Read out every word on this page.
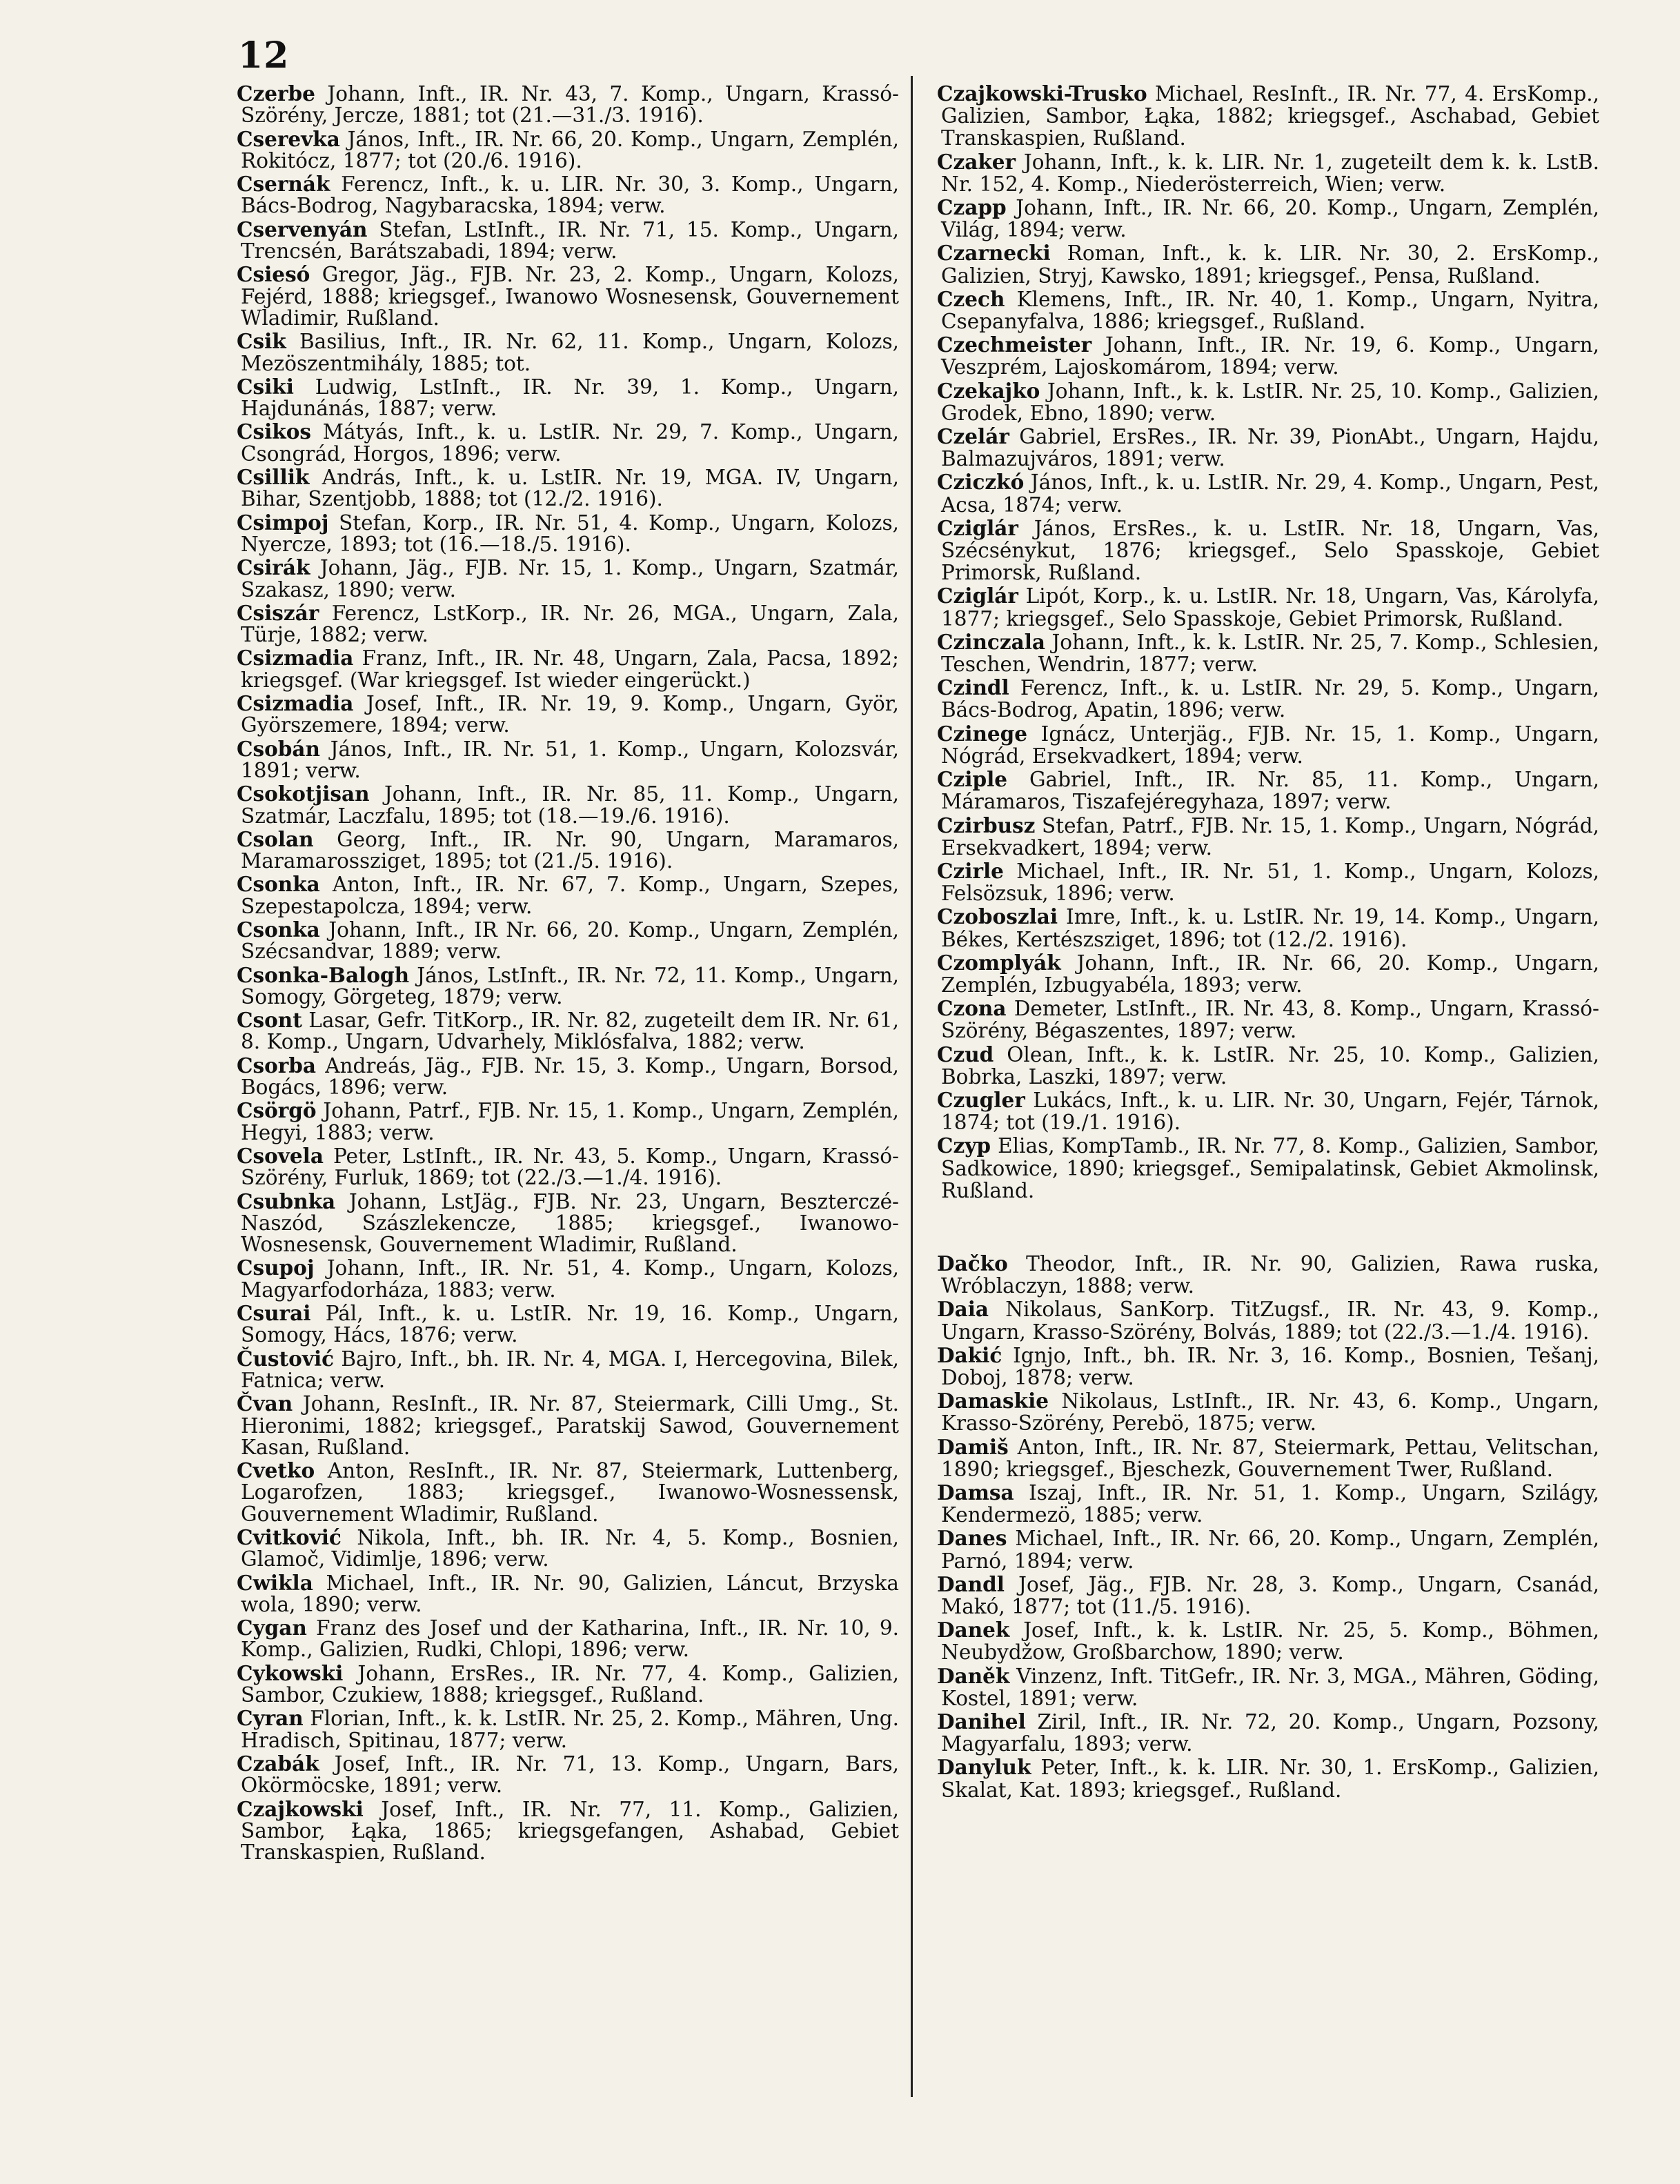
12

Czerbe Johann, Inft., IR. Nr. 43, 7. Komp., Ungarn, Krassó-Szörény, Jercze, 1881; tot (21.—31./3. 1916).

Cserevka János, Inft., IR. Nr. 66, 20. Komp., Ungarn, Zemplén, Rokitócz, 1877; tot (20./6. 1916).

Csernák Ferencz, Inft., k. u. LIR. Nr. 30, 3. Komp., Ungarn, Bács-Bodrog, Nagybaracska, 1894; verw.

Cservenyán Stefan, LstInft., IR. Nr. 71, 15. Komp., Ungarn, Trencsén, Barátszabadi, 1894; verw.

Csiesó Gregor, Jäg., FJB. Nr. 23, 2. Komp., Ungarn, Kolozs, Fejérd, 1888; kriegsgef., Iwanowo Wosnesensk, Gouvernement Wladimir, Rußland.

Csik Basilius, Inft., IR. Nr. 62, 11. Komp., Ungarn, Kolozs, Mezöszentmihály, 1885; tot.

Csiki Ludwig, LstInft., IR. Nr. 39, 1. Komp., Ungarn, Hajdunánás, 1887; verw.

Csikos Mátyás, Inft., k. u. LstIR. Nr. 29, 7. Komp., Ungarn, Csongrád, Horgos, 1896; verw.

Csillik András, Inft., k. u. LstIR. Nr. 19, MGA. IV, Ungarn, Bihar, Szentjobb, 1888; tot (12./2. 1916).

Csimpoj Stefan, Korp., IR. Nr. 51, 4. Komp., Ungarn, Kolozs, Nyercze, 1893; tot (16.—18./5. 1916).

Csirák Johann, Jäg., FJB. Nr. 15, 1. Komp., Ungarn, Szatmár, Szakasz, 1890; verw.

Csiszár Ferencz, LstKorp., IR. Nr. 26, MGA., Ungarn, Zala, Türje, 1882; verw.

Csizmadia Franz, Inft., IR. Nr. 48, Ungarn, Zala, Pacsa, 1892; kriegsgef. (War kriegsgef. Ist wieder eingerückt.)

Csizmadia Josef, Inft., IR. Nr. 19, 9. Komp., Ungarn, Györ, Györszemere, 1894; verw.

Csobán János, Inft., IR. Nr. 51, 1. Komp., Ungarn, Kolozsvár, 1891; verw.

Csokotjisan Johann, Inft., IR. Nr. 85, 11. Komp., Ungarn, Szatmár, Laczfalu, 1895; tot (18.—19./6. 1916).

Csolan Georg, Inft., IR. Nr. 90, Ungarn, Maramaros, Maramarossziget, 1895; tot (21./5. 1916).

Csonka Anton, Inft., IR. Nr. 67, 7. Komp., Ungarn, Szepes, Szepestapolcza, 1894; verw.

Csonka Johann, Inft., IR Nr. 66, 20. Komp., Ungarn, Zemplén, Szécsandvar, 1889; verw.

Csonka-Balogh János, LstInft., IR. Nr. 72, 11. Komp., Ungarn, Somogy, Görgeteg, 1879; verw.

Csont Lasar, Gefr. TitKorp., IR. Nr. 82, zugeteilt dem IR. Nr. 61, 8. Komp., Ungarn, Udvarhely, Miklósfalva, 1882; verw.

Csorba Andreás, Jäg., FJB. Nr. 15, 3. Komp., Ungarn, Borsod, Bogács, 1896; verw.

Csörgö Johann, Patrf., FJB. Nr. 15, 1. Komp., Ungarn, Zemplén, Hegyi, 1883; verw.

Csovela Peter, LstInft., IR. Nr. 43, 5. Komp., Ungarn, Krassó-Szörény, Furluk, 1869; tot (22./3.—1./4. 1916).

Csubnka Johann, LstJäg., FJB. Nr. 23, Ungarn, Beszterczé-Naszód, Szászlekencze, 1885; kriegsgef., Iwanowo-Wosnesensk, Gouvernement Wladimir, Rußland.

Csupoj Johann, Inft., IR. Nr. 51, 4. Komp., Ungarn, Kolozs, Magyarfodorháza, 1883; verw.

Csurai Pál, Inft., k. u. LstIR. Nr. 19, 16. Komp., Ungarn, Somogy, Hács, 1876; verw.

Čustović Bajro, Inft., bh. IR. Nr. 4, MGA. I, Hercegovina, Bilek, Fatnica; verw.

Čvan Johann, ResInft., IR. Nr. 87, Steiermark, Cilli Umg., St. Hieronimi, 1882; kriegsgef., Paratskij Sawod, Gouvernement Kasan, Rußland.

Cvetko Anton, ResInft., IR. Nr. 87, Steiermark, Luttenberg, Logarofzen, 1883; kriegsgef., Iwanowo-Wosnessensk, Gouvernement Wladimir, Rußland.

Cvitković Nikola, Inft., bh. IR. Nr. 4, 5. Komp., Bosnien, Glamoč, Vidimlje, 1896; verw.

Cwikla Michael, Inft., IR. Nr. 90, Galizien, Láncut, Brzyska wola, 1890; verw.

Cygan Franz des Josef und der Katharina, Inft., IR. Nr. 10, 9. Komp., Galizien, Rudki, Chlopi, 1896; verw.

Cykowski Johann, ErsRes., IR. Nr. 77, 4. Komp., Galizien, Sambor, Czukiew, 1888; kriegsgef., Rußland.

Cyran Florian, Inft., k. k. LstIR. Nr. 25, 2. Komp., Mähren, Ung. Hradisch, Spitinau, 1877; verw.

Czabák Josef, Inft., IR. Nr. 71, 13. Komp., Ungarn, Bars, Okörmöcske, 1891; verw.

Czajkowski Josef, Inft., IR. Nr. 77, 11. Komp., Galizien, Sambor, Łąka, 1865; kriegsgefangen, Ashabad, Gebiet Transkaspien, Rußland.

Czajkowski-Trusko Michael, ResInft., IR. Nr. 77, 4. ErsKomp., Galizien, Sambor, Łąka, 1882; kriegsgef., Aschabad, Gebiet Transkaspien, Rußland.

Czaker Johann, Inft., k. k. LIR. Nr. 1, zugeteilt dem k. k. LstB. Nr. 152, 4. Komp., Niederösterreich, Wien; verw.

Czapp Johann, Inft., IR. Nr. 66, 20. Komp., Ungarn, Zemplén, Világ, 1894; verw.

Czarnecki Roman, Inft., k. k. LIR. Nr. 30, 2. ErsKomp., Galizien, Stryj, Kawsko, 1891; kriegsgef., Pensa, Rußland.

Czech Klemens, Inft., IR. Nr. 40, 1. Komp., Ungarn, Nyitra, Csepanyfalva, 1886; kriegsgef., Rußland.

Czechmeister Johann, Inft., IR. Nr. 19, 6. Komp., Ungarn, Veszprém, Lajoskomárom, 1894; verw.

Czekajko Johann, Inft., k. k. LstIR. Nr. 25, 10. Komp., Galizien, Grodek, Ebno, 1890; verw.

Czelár Gabriel, ErsRes., IR. Nr. 39, PionAbt., Ungarn, Hajdu, Balmazujváros, 1891; verw.

Cziczkó János, Inft., k. u. LstIR. Nr. 29, 4. Komp., Ungarn, Pest, Acsa, 1874; verw.

Cziglár János, ErsRes., k. u. LstIR. Nr. 18, Ungarn, Vas, Szécsénykut, 1876; kriegsgef., Selo Spasskoje, Gebiet Primorsk, Rußland.

Cziglár Lipót, Korp., k. u. LstIR. Nr. 18, Ungarn, Vas, Károlyfa, 1877; kriegsgef., Selo Spasskoje, Gebiet Primorsk, Rußland.

Czinczala Johann, Inft., k. k. LstIR. Nr. 25, 7. Komp., Schlesien, Teschen, Wendrin, 1877; verw.

Czindl Ferencz, Inft., k. u. LstIR. Nr. 29, 5. Komp., Ungarn, Bács-Bodrog, Apatin, 1896; verw.

Czinege Ignácz, Unterjäg., FJB. Nr. 15, 1. Komp., Ungarn, Nógrád, Ersekvadkert, 1894; verw.

Cziple Gabriel, Inft., IR. Nr. 85, 11. Komp., Ungarn, Máramaros, Tiszafejéregyhaza, 1897; verw.

Czirbusz Stefan, Patrf., FJB. Nr. 15, 1. Komp., Ungarn, Nógrád, Ersekvadkert, 1894; verw.

Czirle Michael, Inft., IR. Nr. 51, 1. Komp., Ungarn, Kolozs, Felsözsuk, 1896; verw.

Czoboszlai Imre, Inft., k. u. LstIR. Nr. 19, 14. Komp., Ungarn, Békes, Kertészsziget, 1896; tot (12./2. 1916).

Czomplyák Johann, Inft., IR. Nr. 66, 20. Komp., Ungarn, Zemplén, Izbugyabéla, 1893; verw.

Czona Demeter, LstInft., IR. Nr. 43, 8. Komp., Ungarn, Krassó-Szörény, Bégaszentes, 1897; verw.

Czud Olean, Inft., k. k. LstIR. Nr. 25, 10. Komp., Galizien, Bobrka, Laszki, 1897; verw.

Czugler Lukács, Inft., k. u. LIR. Nr. 30, Ungarn, Fejér, Tárnok, 1874; tot (19./1. 1916).

Czyp Elias, KompTamb., IR. Nr. 77, 8. Komp., Galizien, Sambor, Sadkowice, 1890; kriegsgef., Semipalatinsk, Gebiet Akmolinsk, Rußland.

Dačko Theodor, Inft., IR. Nr. 90, Galizien, Rawa ruska, Wróblaczyn, 1888; verw.

Daia Nikolaus, SanKorp. TitZugsf., IR. Nr. 43, 9. Komp., Ungarn, Krasso-Szörény, Bolvás, 1889; tot (22./3.—1./4. 1916).

Dakić Ignjo, Inft., bh. IR. Nr. 3, 16. Komp., Bosnien, Tešanj, Doboj, 1878; verw.

Damaskie Nikolaus, LstInft., IR. Nr. 43, 6. Komp., Ungarn, Krasso-Szörény, Perebö, 1875; verw.

Damiš Anton, Inft., IR. Nr. 87, Steiermark, Pettau, Velitschan, 1890; kriegsgef., Bjeschezk, Gouvernement Twer, Rußland.

Damsa Iszaj, Inft., IR. Nr. 51, 1. Komp., Ungarn, Szilágy, Kendermezö, 1885; verw.

Danes Michael, Inft., IR. Nr. 66, 20. Komp., Ungarn, Zemplén, Parnó, 1894; verw.

Dandl Josef, Jäg., FJB. Nr. 28, 3. Komp., Ungarn, Csanád, Makó, 1877; tot (11./5. 1916).

Danek Josef, Inft., k. k. LstIR. Nr. 25, 5. Komp., Böhmen, Neubydžow, Großbarchow, 1890; verw.

Daněk Vinzenz, Inft. TitGefr., IR. Nr. 3, MGA., Mähren, Göding, Kostel, 1891; verw.

Danihel Ziril, Inft., IR. Nr. 72, 20. Komp., Ungarn, Pozsony, Magyarfalu, 1893; verw.

Danyluk Peter, Inft., k. k. LIR. Nr. 30, 1. ErsKomp., Galizien, Skalat, Kat. 1893; kriegsgef., Rußland.
